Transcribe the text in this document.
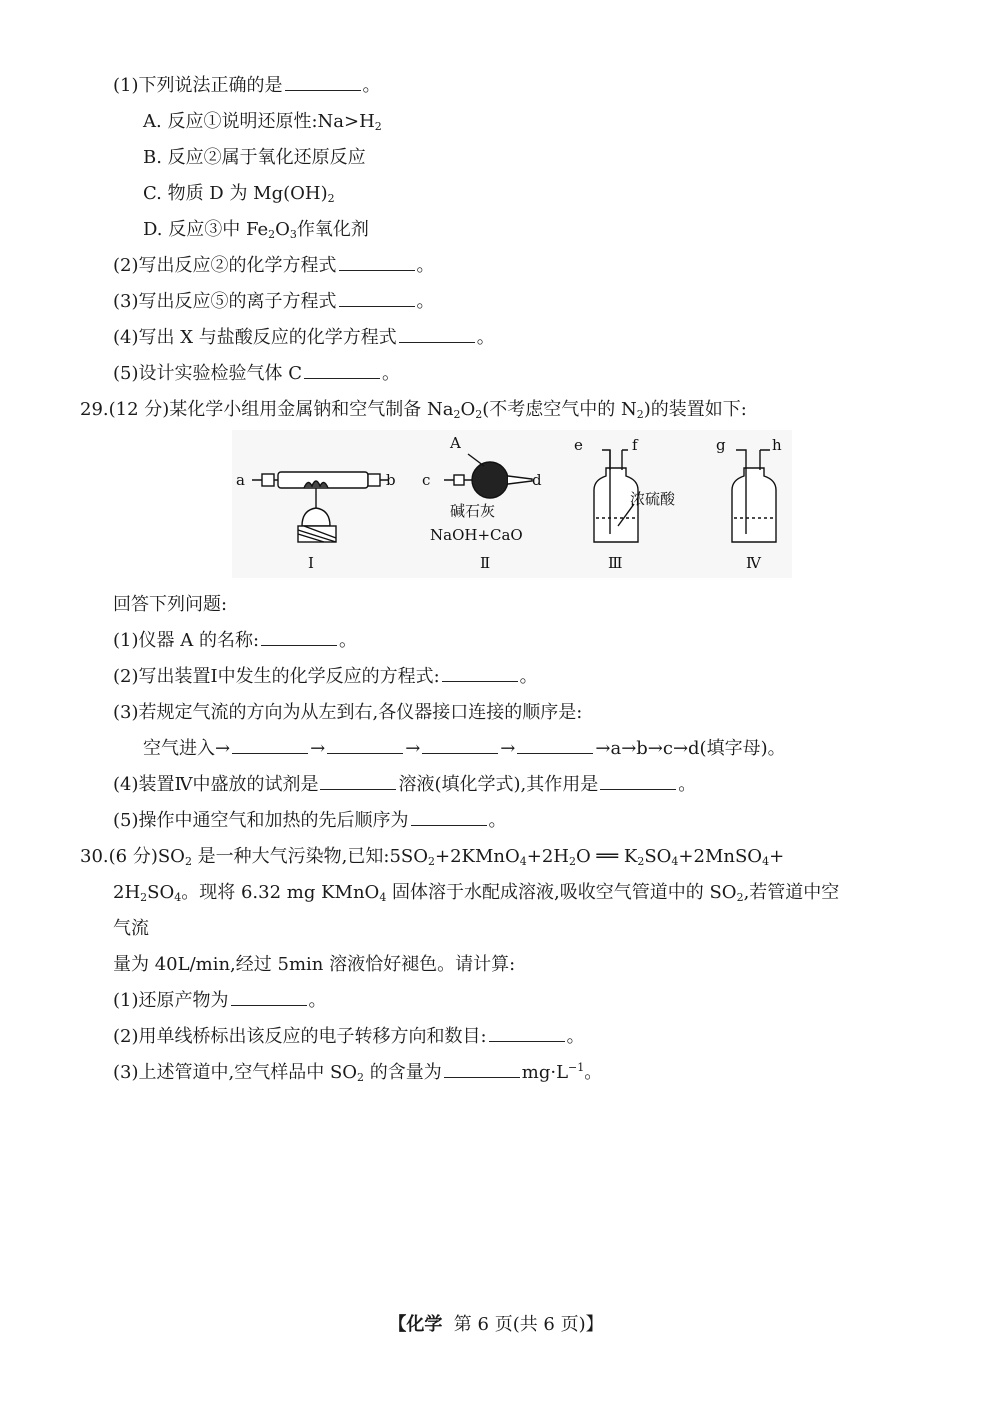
(1)下列说法正确的是	。
A. 反应①说明还原性$:Na>H_2$
B. 反应②属于氧化还原反应
C. 物质 D 为 $Mg(OH)_2$
D. 反应③中 $Fe_2O_3$作氧化剂
(2)写出反应②的化学方程式	。
(3)写出反应⑤的离子方程式	。
(4)写出 X 与盐酸反应的化学方程式	。
(5)设计实验检验气体 C	。
29.(12 分)某化学小组用金属钠和空气制备 $Na_2O_2$(不考虑空气中的 $N_2$)的装置如下:
a	b c	d
A	e	f	g	h
碱石灰
NaOH+CaO
浓硫酸
Ⅰ	Ⅱ	Ⅲ	Ⅳ
回答下列问题:
(1)仪器 A 的名称:	。
(2)写出装置Ⅰ中发生的化学反应的方程式:	。
(3)若规定气流的方向为从左到右,各仪器接口连接的顺序是:
空气进入→	→	→	→	→a→b→c→d(填字母)。
(4)装置Ⅳ中盛放的试剂是	溶液(填化学式),其作用是	。
(5)操作中通空气和加热的先后顺序为	。
30.(6 分)$SO_2$ 是一种大气污染物,已知$:5SO_2+2KMnO_4+2H_2O$ ══ $K_2SO_4+2MnSO_4+$
$2H_2SO_4$。现将 6.32 mg KMnO$_4$ 固体溶于水配成溶液,吸收空气管道中的 $SO_2$,若管道中空
气流
量为 40L/min,经过 5min 溶液恰好褪色。请计算:
(1)还原产物为	。
(2)用单线桥标出该反应的电子转移方向和数目:	。
(3)上述管道中,空气样品中 $SO_2$ 的含量为	$mg\cdot L^{-1}$。
【化学 第 6 页(共 6 页)】
